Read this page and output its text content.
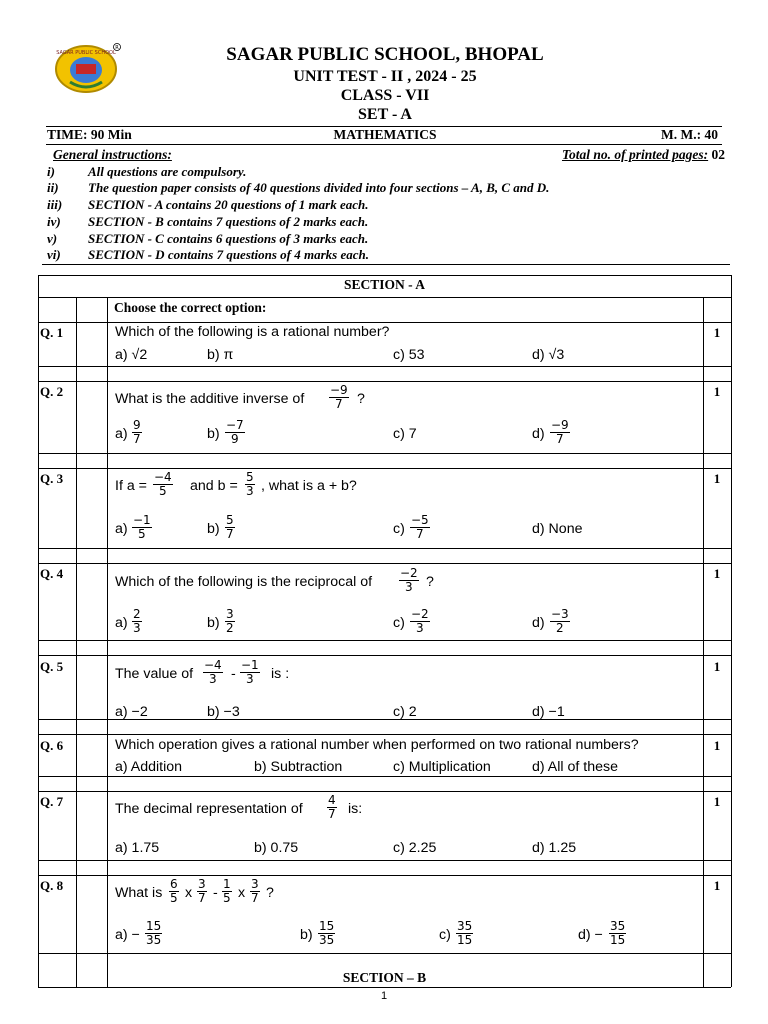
SAGAR PUBLIC SCHOOL
R	SAGAR PUBLIC SCHOOL, BHOPAL
UNIT TEST - II , 2024 - 25
CLASS - VII
SET - A
TIME: 90 Min	MATHEMATICS	M. M.: 40
General instructions:	Total no. of printed pages: 02
i)	All questions are compulsory.
ii) The question paper consists of 40 questions divided into four sections – A, B, C and D.
iii) SECTION - A contains 20 questions of 1 mark each.
iv) SECTION - B contains 7 questions of 2 marks each.
v) SECTION - C contains 6 questions of 3 marks each.
vi) SECTION - D contains 7 questions of 4 marks each.
SECTION - A
Choose the correct option:
Q. 1	1
Which of the following is a rational number?
a) √2	b) π	c) 53	d) √3
Q. 2	1
What is the additive inverse of $\frac{-9}{7}$ ?
$a) \frac{9}{7}$	$b) \frac{-7}{9}$	c) 7	$d) \frac{-9}{7}$
Q. 3	1
If $a = \frac{-4}{5}$ and $b = \frac{5}{3}$ , what is a + b?
$a) \frac{-1}{5}$	$b) \frac{5}{7}$	$c) \frac{-5}{7}$	d) None
Q. 4	1
Which of the following is the reciprocal of $\frac{-2}{3}$ ?
$a) \frac{2}{3}$	$b) \frac{3}{2}$	$c) \frac{-2}{3}$	$d) \frac{-3}{2}$
Q. 5	1
The value of $\frac{-4}{3} - \frac{-1}{3}$ is :
a) −2	b) −3	c) 2	d) −1
Q. 6	1
Which operation gives a rational number when performed on two rational numbers?
a) Addition	b) Subtraction	c) Multiplication	d) All of these
Q. 7	1
The decimal representation of $\frac{4}{7}$ is:
a) 1.75	b) 0.75	c) 2.25	d) 1.25
Q. 8	1
What is $\frac{6}{5}$ x $\frac{3}{7} - \frac{1}{5}$ x $\frac{3}{7}$ ?
$a) - \frac{15}{35}$	$b) \frac{15}{35}$	$c) \frac{35}{15}$	$d) - \frac{35}{15}$
SECTION – B
1
